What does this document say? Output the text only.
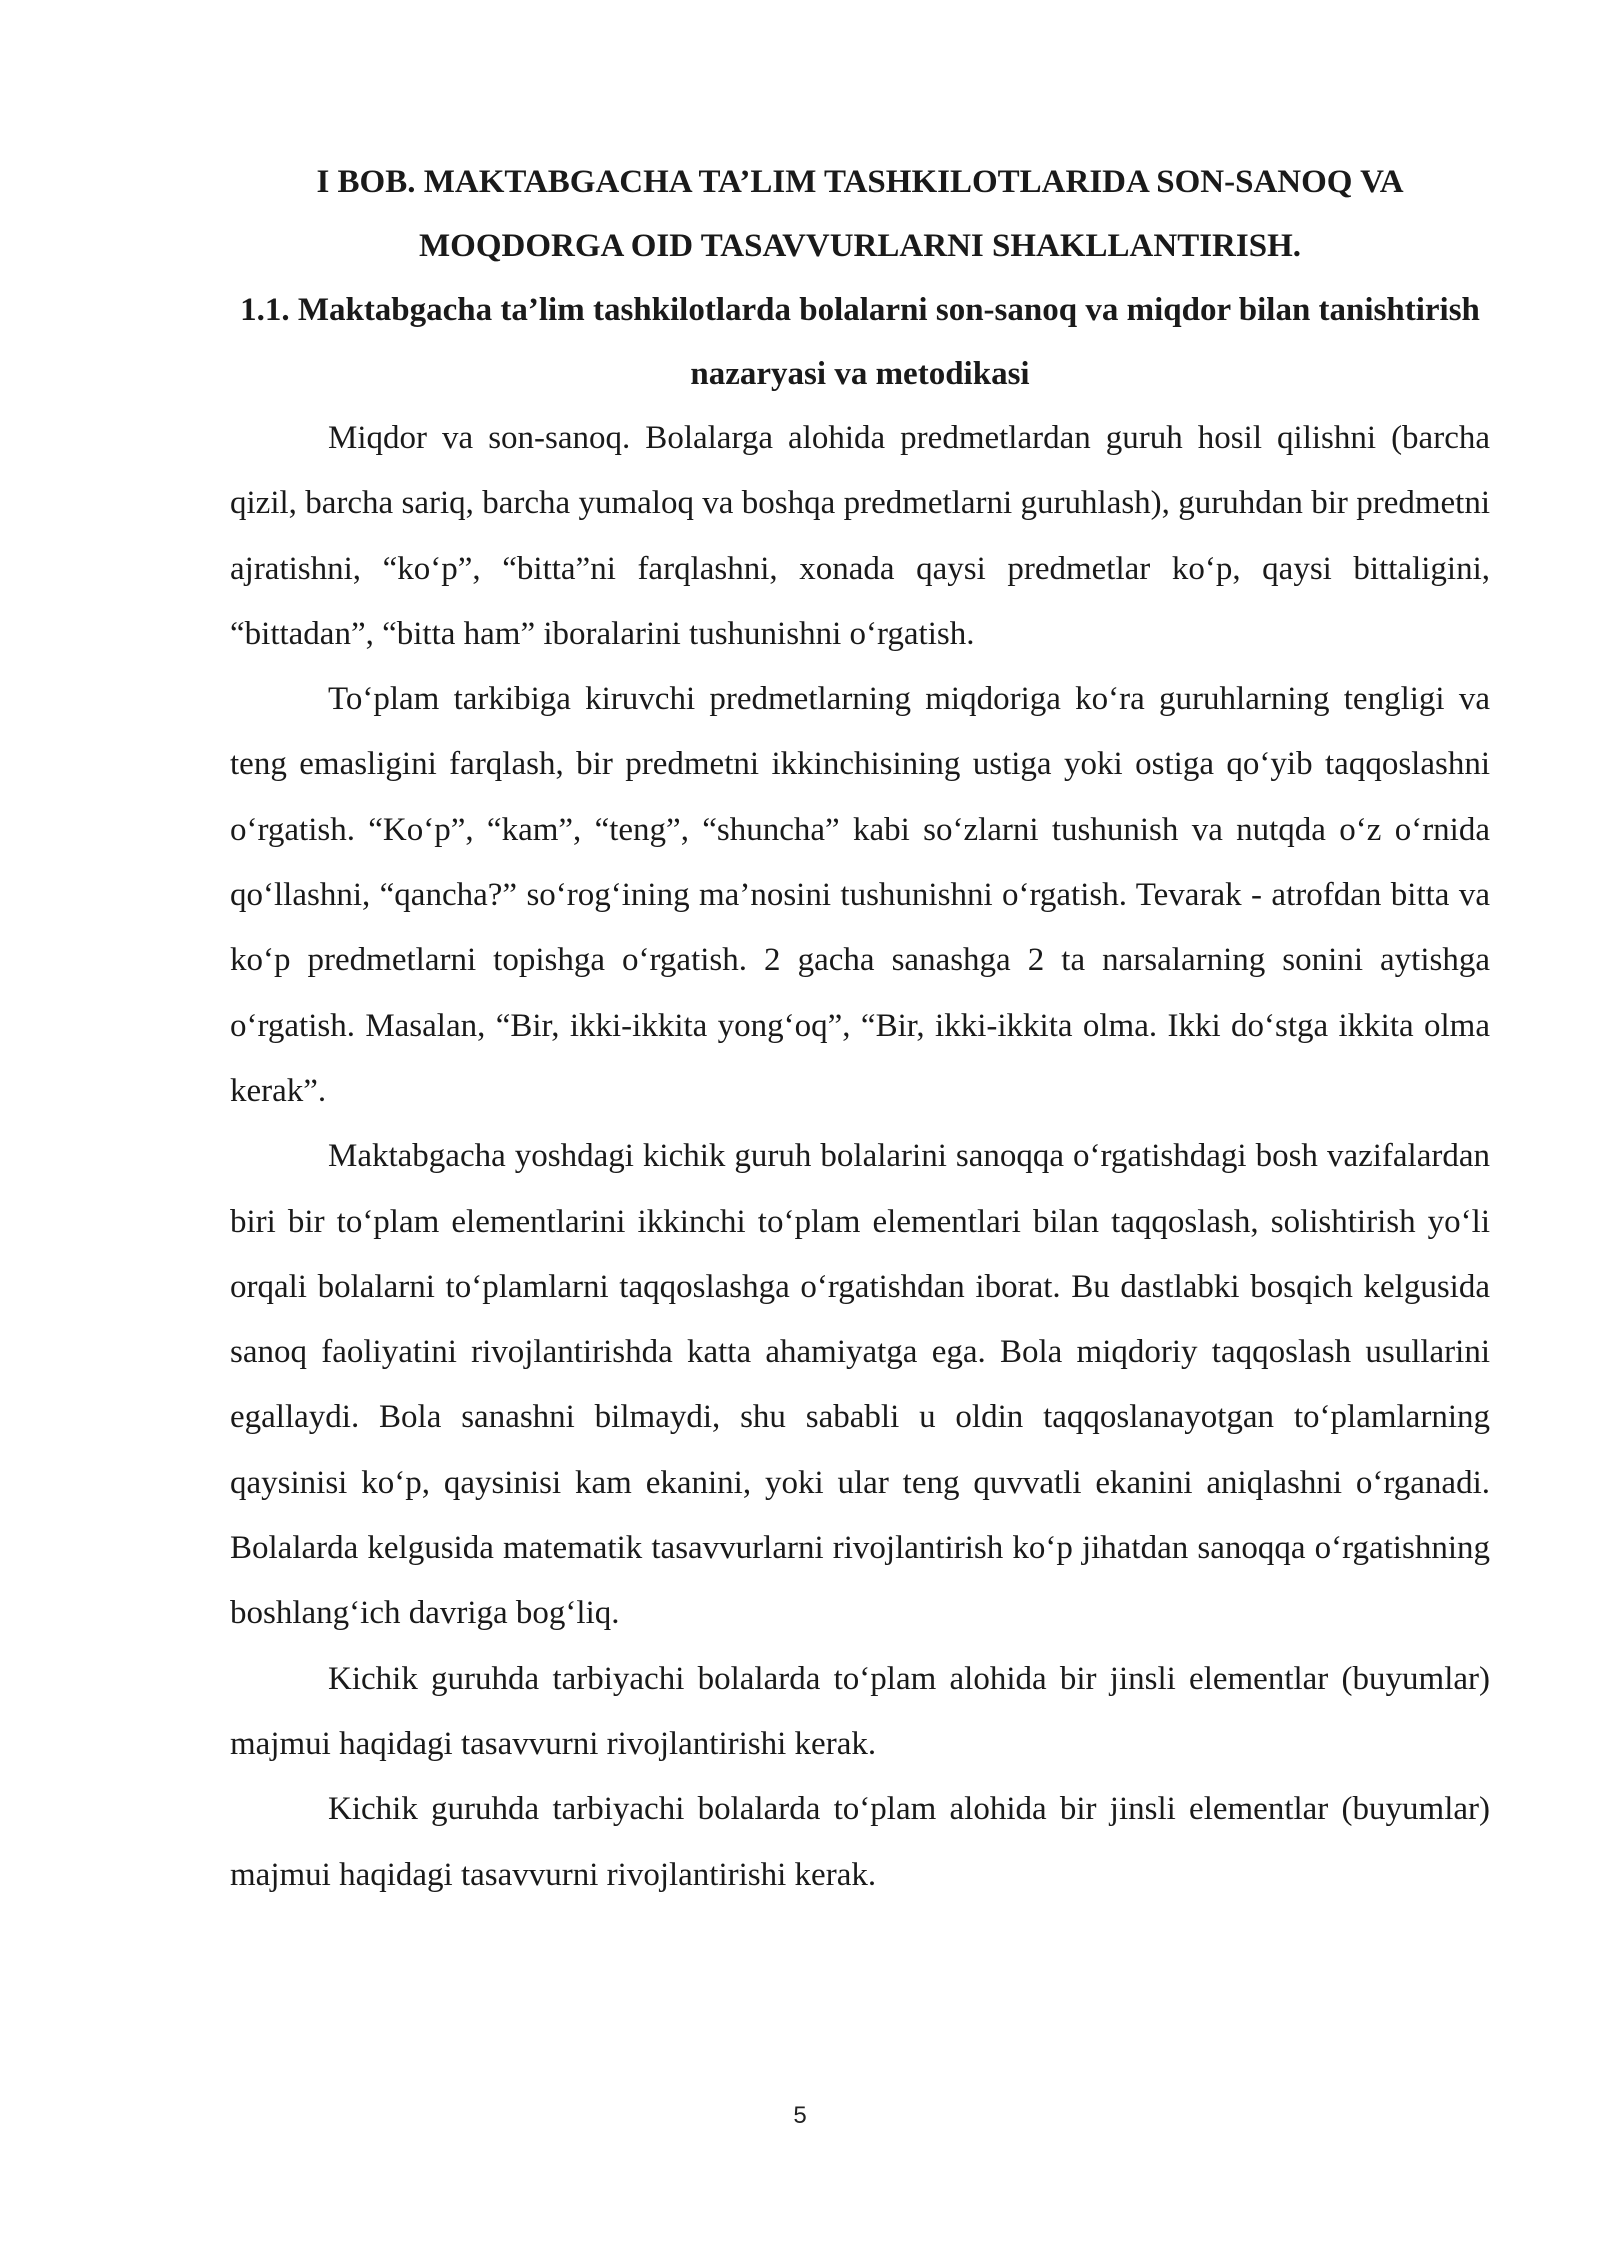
I BOB. MAKTABGACHA TA’LIM TASHKILOTLARIDA SON-SANOQ VA MOQDORGA OID TASAVVURLARNI SHAKLLANTIRISH.
1.1. Maktabgacha ta’lim tashkilotlarda bolalarni son-sanoq va miqdor bilan tanishtirish nazaryasi va metodikasi

Miqdor va son-sanoq. Bolalarga alohida predmetlardan guruh hosil qilishni (barcha qizil, barcha sariq, barcha yumaloq va boshqa predmetlarni guruhlash), guruhdan bir predmetni ajratishni, “ko‘p”, “bitta”ni farqlashni, xonada qaysi predmetlar ko‘p, qaysi bittaligini, “bittadan”, “bitta ham” iboralarini tushunishni o‘rgatish.

To‘plam tarkibiga kiruvchi predmetlarning miqdoriga ko‘ra guruhlarning tengligi va teng emasligini farqlash, bir predmetni ikkinchisining ustiga yoki ostiga qo‘yib taqqoslashni o‘rgatish. “Ko‘p”, “kam”, “teng”, “shuncha” kabi so‘zlarni tushunish va nutqda o‘z o‘rnida qo‘llashni, “qancha?” so‘rog‘ining ma’nosini tushunishni o‘rgatish. Tevarak - atrofdan bitta va ko‘p predmetlarni topishga o‘rgatish. 2 gacha sanashga 2 ta narsalarning sonini aytishga o‘rgatish. Masalan, “Bir, ikki-ikkita yong‘oq”, “Bir, ikki-ikkita olma. Ikki do‘stga ikkita olma kerak”.

Maktabgacha yoshdagi kichik guruh bolalarini sanoqqa o‘rgatishdagi bosh vazifalardan biri bir to‘plam elementlarini ikkinchi to‘plam elementlari bilan taqqoslash, solishtirish yo‘li orqali bolalarni to‘plamlarni taqqoslashga o‘rgatishdan iborat. Bu dastlabki bosqich kelgusida sanoq faoliyatini rivojlantirishda katta ahamiyatga ega. Bola miqdoriy taqqoslash usullarini egallaydi. Bola sanashni bilmaydi, shu sababli u oldin taqqoslanayotgan to‘plamlarning qaysinisi ko‘p, qaysinisi kam ekanini, yoki ular teng quvvatli ekanini aniqlashni o‘rganadi. Bolalarda kelgusida matematik tasavvurlarni rivojlantirish ko‘p jihatdan sanoqqa o‘rgatishning boshlang‘ich davriga bog‘liq.

Kichik guruhda tarbiyachi bolalarda to‘plam alohida bir jinsli elementlar (buyumlar) majmui haqidagi tasavvurni rivojlantirishi kerak.

Kichik guruhda tarbiyachi bolalarda to‘plam alohida bir jinsli elementlar (buyumlar) majmui haqidagi tasavvurni rivojlantirishi kerak.

5
